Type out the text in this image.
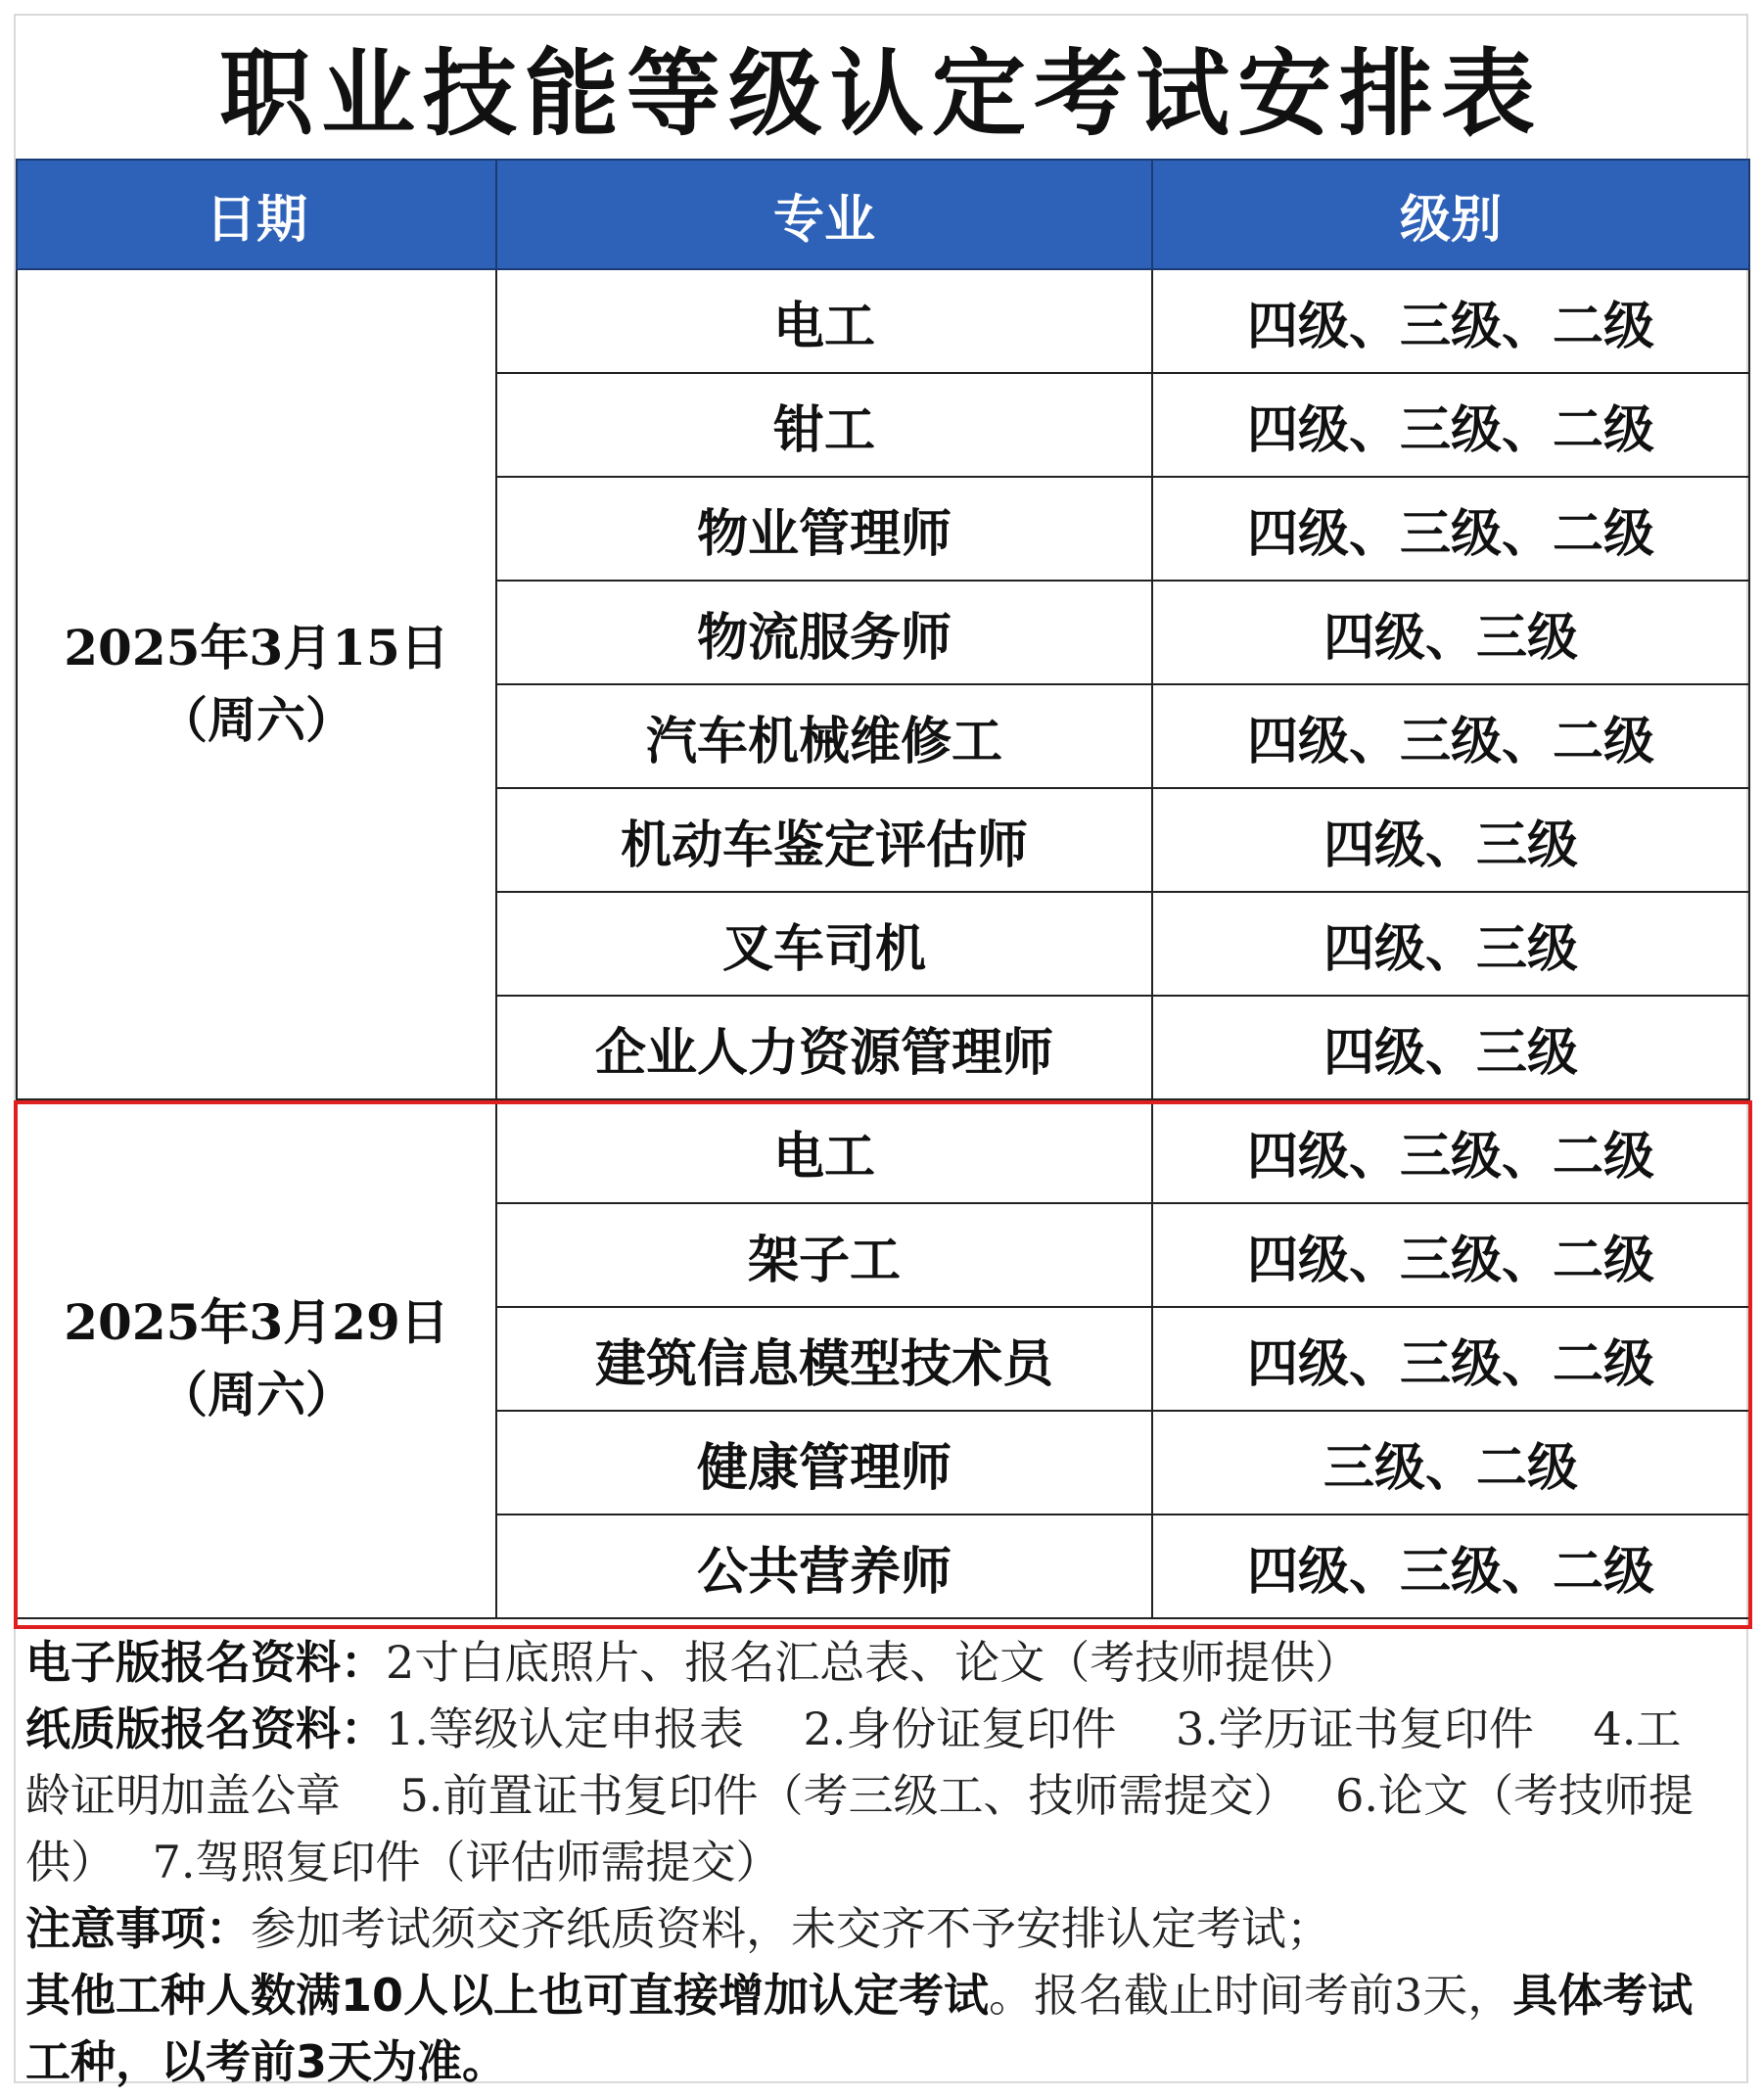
职业技能等级认定考试安排表
日期	专业	级别

2025年3月15日
（周六）	电工	四级、三级、二级
	钳工	四级、三级、二级
	物业管理师	四级、三级、二级
	物流服务师	四级、三级
	汽车机械维修工	四级、三级、二级
	机动车鉴定评估师	四级、三级
	叉车司机	四级、三级
	企业人力资源管理师	四级、三级

2025年3月29日
（周六）	电工	四级、三级、二级
	架子工	四级、三级、二级
	建筑信息模型技术员	四级、三级、二级
	健康管理师	三级、二级
	公共营养师	四级、三级、二级

电子版报名资料：2寸白底照片、报名汇总表、论文（考技师提供）

纸质版报名资料：1.等级认定申报表　 2.身份证复印件　 3.学历证书复印件　 4.工龄证明加盖公章　 5.前置证书复印件（考三级工、技师需提交）　 6.论文（考技师提供）　 7.驾照复印件（评估师需提交）

注意事项：参加考试须交齐纸质资料，未交齐不予安排认定考试；

其他工种人数满10人以上也可直接增加认定考试。报名截止时间考前3天，具体考试工种，以考前3天为准。
